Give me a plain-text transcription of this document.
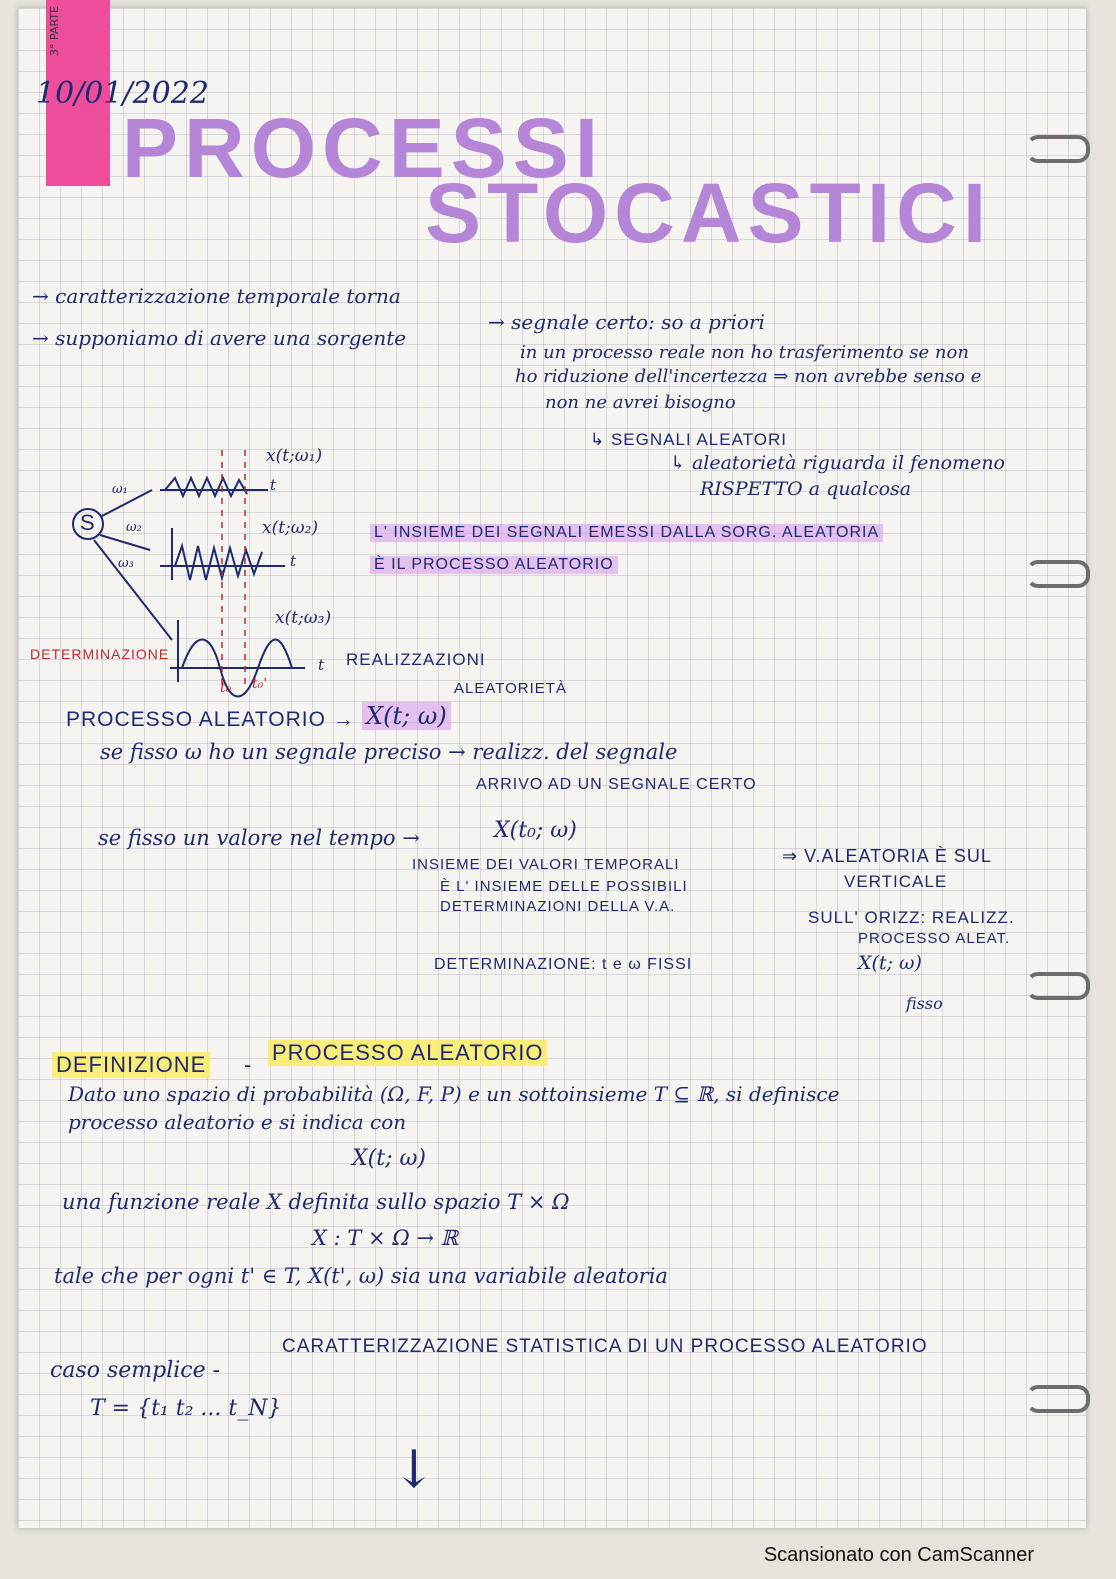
3° PARTE
10/01/2022
PROCESSI
STOCASTICI
→ caratterizzazione temporale torna
→ supponiamo di avere una sorgente
→ segnale certo: so a priori
in un processo reale non ho trasferimento se non
ho riduzione dell'incertezza ⇒ non avrebbe senso e
non ne avrei bisogno
↳ SEGNALI ALEATORI
↳ aleatorietà riguarda il fenomeno
RISPETTO a qualcosa
S
ω₁
ω₂
ω₃
x(t;ω₁)
x(t;ω₂)
x(t;ω₃)
t
t
t
DETERMINAZIONE	REALIZZAZIONI
t₀ t₀'
L' INSIEME DEI SEGNALI EMESSI DALLA SORG. ALEATORIA
È IL PROCESSO ALEATORIO
ALEATORIETÀ
PROCESSO ALEATORIO → X(t; ω)
se fisso ω ho un segnale preciso → realizz. del segnale
ARRIVO AD UN SEGNALE CERTO
se fisso un valore nel tempo →	X(t₀; ω)
INSIEME DEI VALORI TEMPORALI
È L' INSIEME DELLE POSSIBILI
DETERMINAZIONI DELLA V.A.
⇒ V.ALEATORIA È SUL
VERTICALE
SULL' ORIZZ: REALIZZ.
PROCESSO ALEAT.
X(t; ω)
fisso
DETERMINAZIONE: t e ω FISSI
DEFINIZIONE - PROCESSO ALEATORIO
Dato uno spazio di probabilità (Ω, F, P) e un sottoinsieme T ⊆ ℝ, si definisce
processo aleatorio e si indica con
X(t; ω)
una funzione reale X definita sullo spazio T × Ω
X : T × Ω → ℝ
tale che per ogni t' ∈ T, X(t', ω) sia una variabile aleatoria
caso semplice -
CARATTERIZZAZIONE STATISTICA DI UN PROCESSO ALEATORIO
T = {t₁ t₂ ... t_N}
↓
Scansionato con CamScanner
